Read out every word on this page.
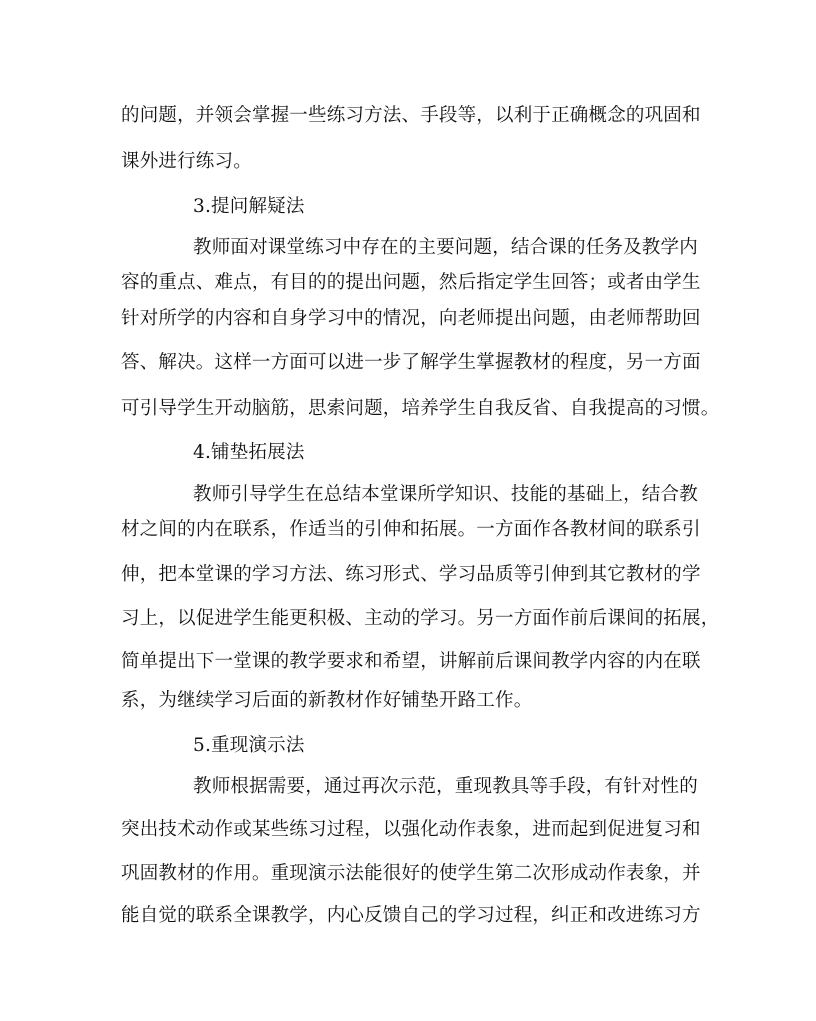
的问题，并领会掌握一些练习方法、手段等，以利于正确概念的巩固和
课外进行练习。
3.提问解疑法
教师面对课堂练习中存在的主要问题，结合课的任务及教学内
容的重点、难点，有目的的提出问题，然后指定学生回答；或者由学生
针对所学的内容和自身学习中的情况，向老师提出问题，由老师帮助回
答、解决。这样一方面可以进一步了解学生掌握教材的程度，另一方面
可引导学生开动脑筋，思索问题，培养学生自我反省、自我提高的习惯。
4.铺垫拓展法
教师引导学生在总结本堂课所学知识、技能的基础上，结合教
材之间的内在联系，作适当的引伸和拓展。一方面作各教材间的联系引
伸，把本堂课的学习方法、练习形式、学习品质等引伸到其它教材的学
习上，以促进学生能更积极、主动的学习。另一方面作前后课间的拓展，
简单提出下一堂课的教学要求和希望，讲解前后课间教学内容的内在联
系，为继续学习后面的新教材作好铺垫开路工作。
5.重现演示法
教师根据需要，通过再次示范，重现教具等手段，有针对性的
突出技术动作或某些练习过程，以强化动作表象，进而起到促进复习和
巩固教材的作用。重现演示法能很好的使学生第二次形成动作表象，并
能自觉的联系全课教学，内心反馈自己的学习过程，纠正和改进练习方
